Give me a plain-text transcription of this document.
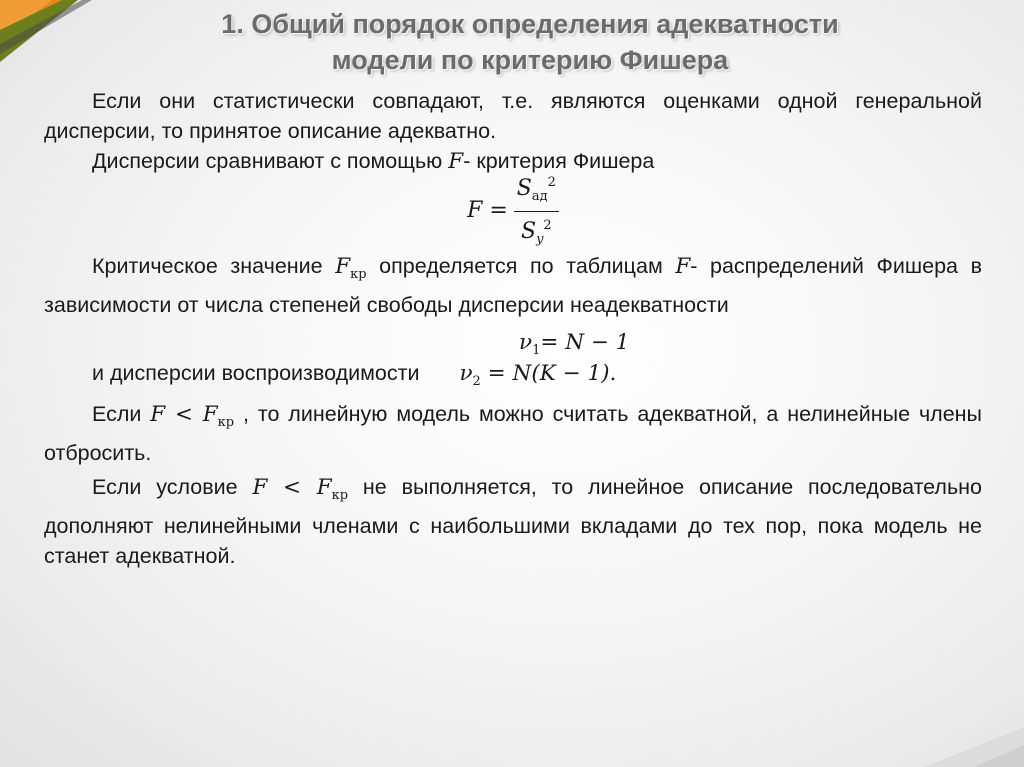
1. Общий порядок определения адекватности
модели по критерию Фишера

Если они статистически совпадают, т.е. являются оценками одной генеральной дисперсии, то принятое описание адекватно.

Дисперсии сравнивают с помощью F- критерия Фишера

$F = \frac{S_{ад}^2}{S_y^2}$

Критическое значение $F_{кр}$ определяется по таблицам F- распределений Фишера в зависимости от числа степеней свободы дисперсии неадекватности

$\nu_1= N - 1$

и дисперсии воспроизводимости $\nu_2 = N(K - 1)$.

Если $F < F_{кр}$ , то линейную модель можно считать адекватной, а нелинейные члены отбросить.

Если условие $F < F_{кр}$ не выполняется, то линейное описание последовательно дополняют нелинейными членами с наибольшими вкладами до тех пор, пока модель не станет адекватной.
